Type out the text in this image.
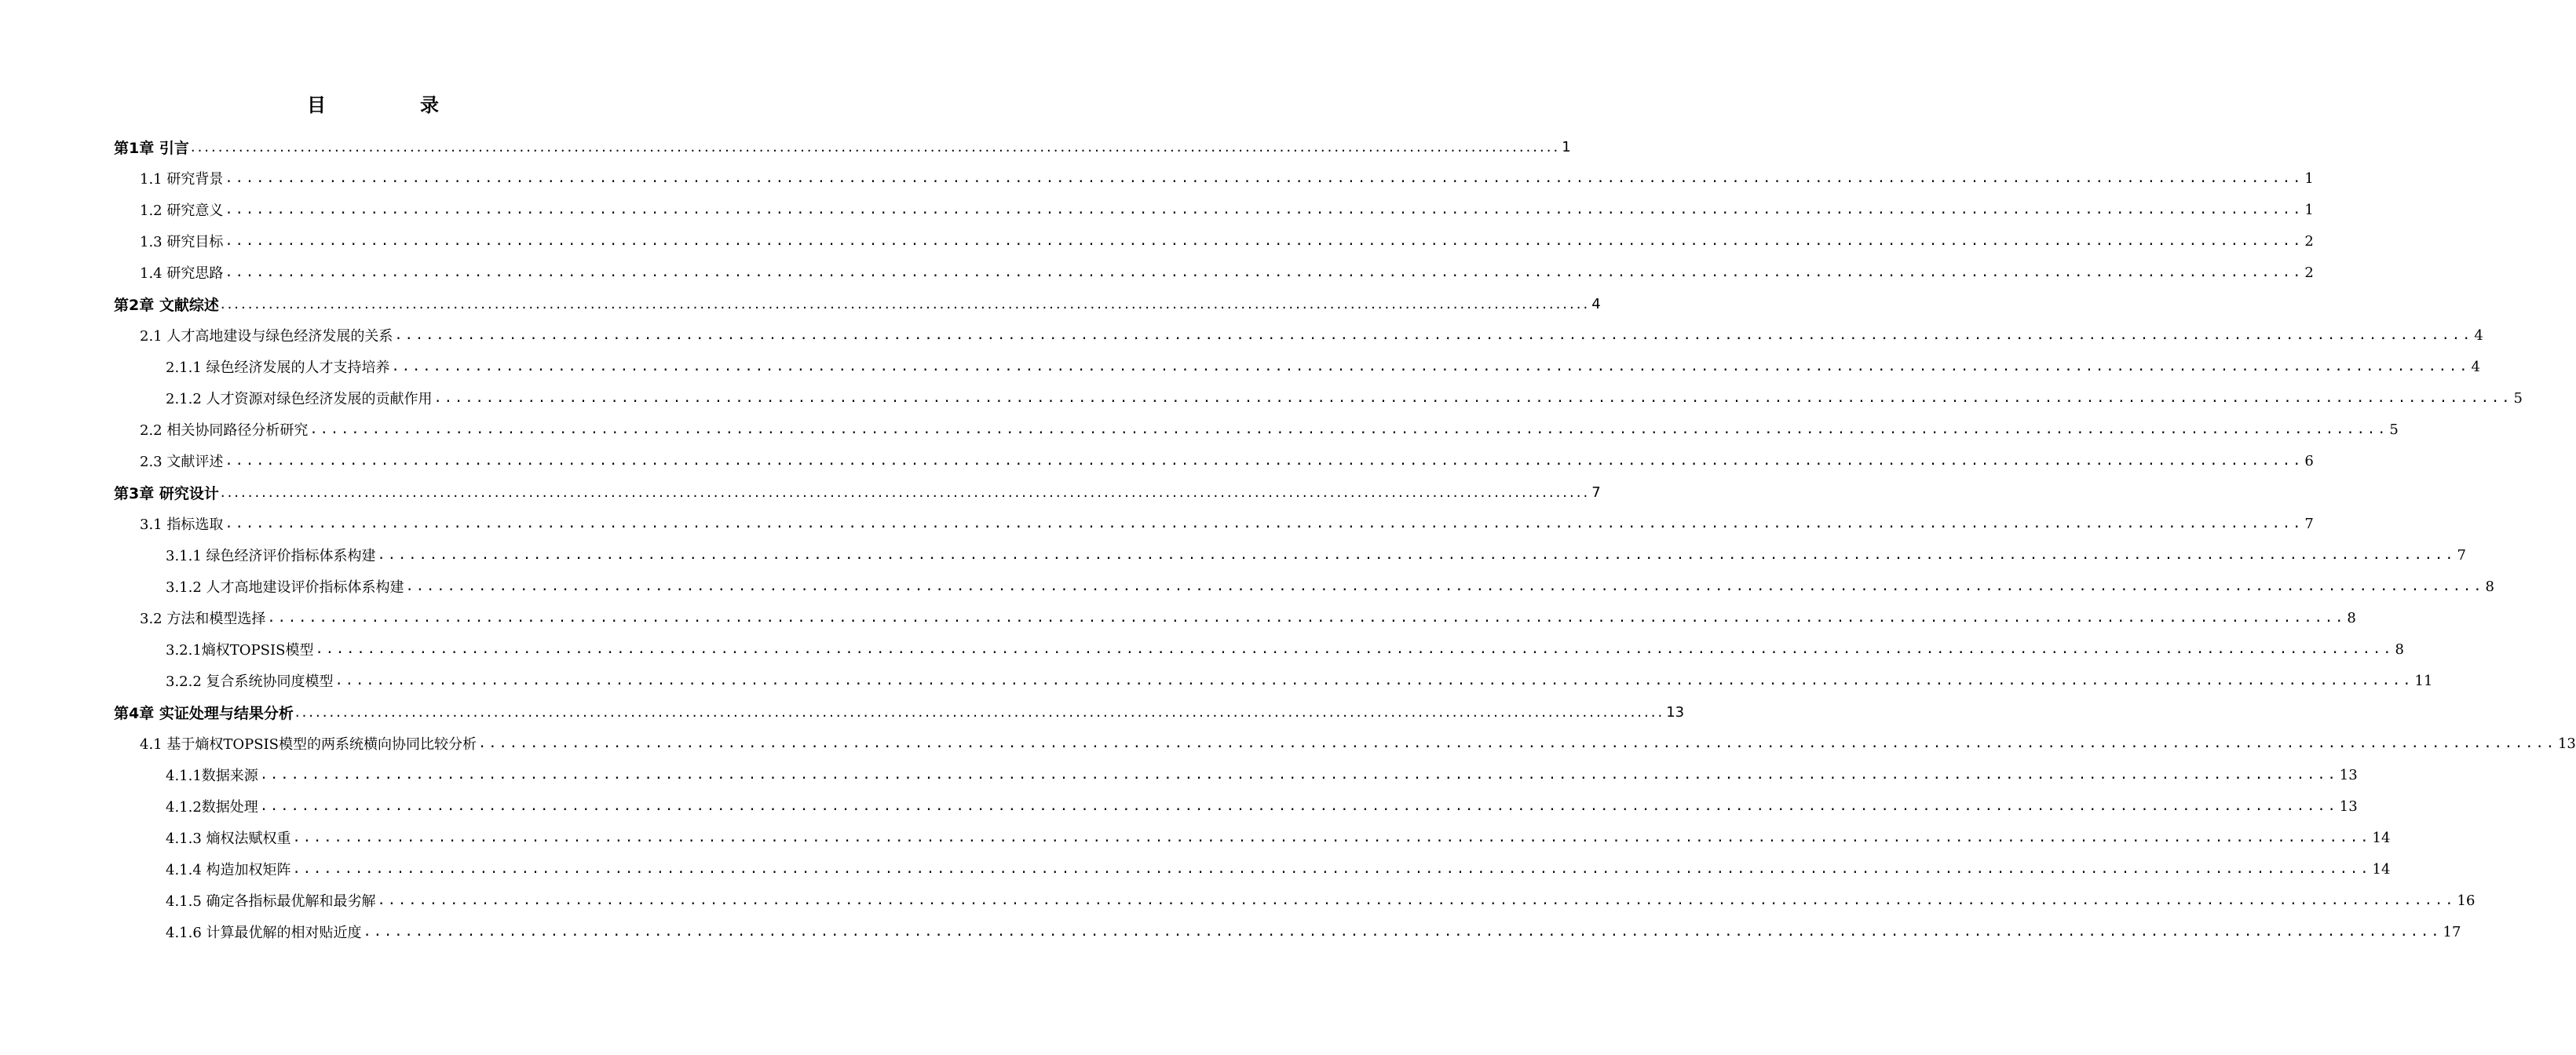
目　录
第1章 引言 ........................................................................................................................................................................................................ 1
1.1 研究背景 ........................................................................................................................................................................................................ 1
1.2 研究意义 ........................................................................................................................................................................................................ 1
1.3 研究目标 ........................................................................................................................................................................................................ 2
1.4 研究思路 ........................................................................................................................................................................................................ 2
第2章 文献综述 ........................................................................................................................................................................................................ 4
2.1 人才高地建设与绿色经济发展的关系 ........................................................................................................................................................................................................ 4
2.1.1 绿色经济发展的人才支持培养 ........................................................................................................................................................................................................ 4
2.1.2 人才资源对绿色经济发展的贡献作用 ........................................................................................................................................................................................................ 5
2.2 相关协同路径分析研究 ........................................................................................................................................................................................................ 5
2.3 文献评述 ........................................................................................................................................................................................................ 6
第3章 研究设计 ........................................................................................................................................................................................................ 7
3.1 指标选取 ........................................................................................................................................................................................................ 7
3.1.1 绿色经济评价指标体系构建 ........................................................................................................................................................................................................ 7
3.1.2 人才高地建设评价指标体系构建 ........................................................................................................................................................................................................ 8
3.2 方法和模型选择 ........................................................................................................................................................................................................ 8
3.2.1熵权TOPSIS模型 ........................................................................................................................................................................................................ 8
3.2.2 复合系统协同度模型 ........................................................................................................................................................................................................ 11
第4章 实证处理与结果分析 ........................................................................................................................................................................................................ 13
4.1 基于熵权TOPSIS模型的两系统横向协同比较分析 ........................................................................................................................................................................................................ 13
4.1.1数据来源 ........................................................................................................................................................................................................ 13
4.1.2数据处理 ........................................................................................................................................................................................................ 13
4.1.3 熵权法赋权重 ........................................................................................................................................................................................................ 14
4.1.4 构造加权矩阵 ........................................................................................................................................................................................................ 14
4.1.5 确定各指标最优解和最劣解 ........................................................................................................................................................................................................ 16
4.1.6 计算最优解的相对贴近度 ........................................................................................................................................................................................................ 17
